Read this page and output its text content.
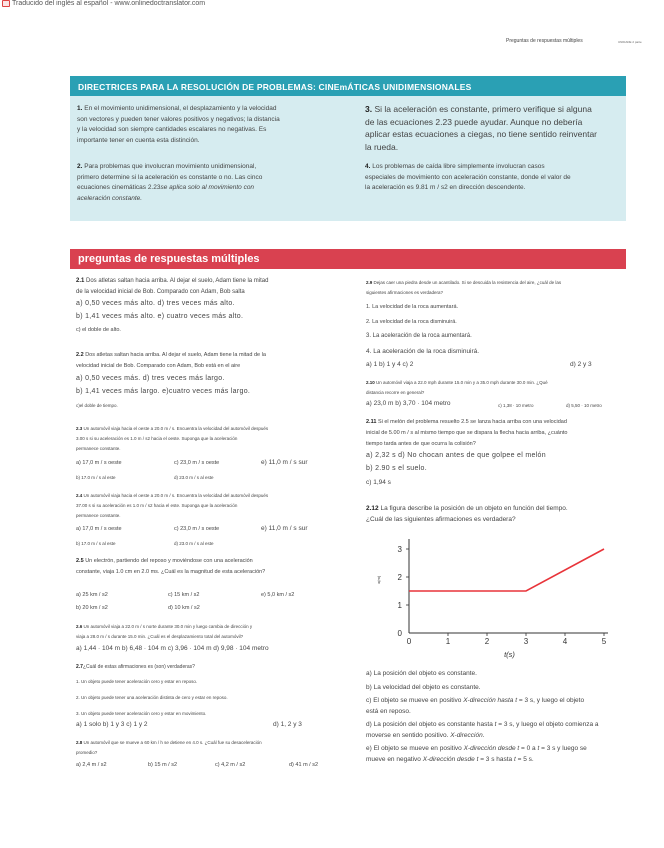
Traducido del inglés al español - www.onlinedoctranslator.com
Preguntas de respuestas múltiples	UNIDADE 2 parte
DIRECTRICES PARA LA RESOLUCIÓN DE PROBLEMAS: CINEmÁTICAS UNIDIMENSIONALES

1. En el movimiento unidimensional, el desplazamiento y la velocidad

son vectores y pueden tener valores positivos y negativos; la distancia

y la velocidad son siempre cantidades escalares no negativas. Es

importante tener en cuenta esta distinción.

2. Para problemas que involucran movimiento unidimensional,

primero determine si la aceleración es constante o no. Las cinco

ecuaciones cinemáticas 2.23se aplica solo al movimiento con

aceleración constante.

3. Si la aceleración es constante, primero verifique si alguna

de las ecuaciones 2.23 puede ayudar. Aunque no debería

aplicar estas ecuaciones a ciegas, no tiene sentido reinventar

la rueda.

4. Los problemas de caída libre simplemente involucran casos

especiales de movimiento con aceleración constante, donde el valor de

la aceleración es 9.81 m / s2 en dirección descendente.

preguntas de respuestas múltiples
2.1 Dos atletas saltan hacia arriba. Al dejar el suelo, Adam tiene la mitad
de la velocidad inicial de Bob. Comparado con Adam, Bob salta
a) 0,50 veces más alto. d) tres veces más alto.
b) 1,41 veces más alto. e) cuatro veces más alto.
c) el doble de alto.
2.2 Dos atletas saltan hacia arriba. Al dejar el suelo, Adam tiene la mitad de la
velocidad inicial de Bob. Comparado con Adam, Bob está en el aire
a) 0,50 veces más. d) tres veces más largo.
b) 1,41 veces más largo. e)cuatro veces más largo.
c)el doble de tiempo.
2.3 Un automóvil viaja hacia el oeste a 20.0 m / s. Encuentra la velocidad del automóvil después
3.00 s si su aceleración es 1.0 m / s2 hacia el oeste. Suponga que la aceleración
permanece constante.
a) 17,0 m / s oeste	c) 23,0 m / s oeste	e) 11,0 m / s sur
b) 17.0 m / s al este	d) 23.0 m / s al este
2.4 Un automóvil viaja hacia el oeste a 20.0 m / s. Encuentra la velocidad del automóvil después
37.00 s si su aceleración es 1.0 m / s2 hacia el este. Suponga que la aceleración
permanece constante.
a) 17,0 m / s oeste	c) 23,0 m / s oeste	e) 11,0 m / s sur
b) 17.0 m / s al este	d) 23.0 m / s al este
2.5 Un electrón, partiendo del reposo y moviéndose con una aceleración
constante, viaja 1.0 cm en 2.0 ms. ¿Cuál es la magnitud de esta aceleración?
a) 25 km / s2	c) 15 km / s2	e) 5,0 km / s2
b) 20 km / s2	d) 10 km / s2
2.6 Un automóvil viaja a 22.0 m / s norte durante 30.0 min y luego cambia de dirección y
viaja a 28.0 m / s durante 15.0 min. ¿Cuál es el desplazamiento total del automóvil?
a) 1,44 · 104 m b) 6,48 · 104 m c) 3,96 · 104 m d) 9,98 · 104 metro
2.7¿Cuál de estas afirmaciones es (son) verdaderas?
1. Un objeto puede tener aceleración cero y estar en reposo.
2. Un objeto puede tener una aceleración distinta de cero y estar en reposo.
3. Un objeto puede tener aceleración cero y estar en movimiento.
a) 1 solo b) 1 y 3 c) 1 y 2	d) 1, 2 y 3
2.8 Un automóvil que se mueve a 60 km / h se detiene en 4.0 s. ¿Cuál fue su desaceleración
promedio?
a) 2,4 m / s2	b) 15 m / s2	c) 4,2 m / s2	d) 41 m / s2
2.9 Dejas caer una piedra desde un acantilado. Si se descuida la resistencia del aire, ¿cuál de las
siguientes afirmaciones es verdadera?
1. La velocidad de la roca aumentará.
2. La velocidad de la roca disminuirá.
3. La aceleración de la roca aumentará.
4. La aceleración de la roca disminuirá.
a) 1 b) 1 y 4 c) 2	d) 2 y 3
2.10 Un automóvil viaja a 22.0 mph durante 15.0 min y a 35.0 mph durante 30.0 min. ¿Qué
distancia recorre en general?
a) 23,0 m b) 3,70 · 104 metro	c) 1,38 · 10 metro	d) 5,50 · 10 metro
2.11 Si el melón del problema resuelto 2.5 se lanza hacia arriba con una velocidad
inicial de 5.00 m / s al mismo tiempo que se dispara la flecha hacia arriba, ¿cuánto
tiempo tarda antes de que ocurra la colisión?
a) 2,32 s d) No chocan antes de que golpee el melón
b) 2.90 s el suelo.
c) 1,94 s
2.12 La figura describe la posición de un objeto en función del tiempo.
¿Cuál de las siguientes afirmaciones es verdadera?
0	1	2	3	4	5
0
1
2
3
t(s)
x(m)
a) La posición del objeto es constante.
b) La velocidad del objeto es constante.
c) El objeto se mueve en positivo X-dirección hasta t = 3 s, y luego el objeto
está en reposo.
d) La posición del objeto es constante hasta t = 3 s, y luego el objeto comienza a
moverse en sentido positivo. X-dirección.
e) El objeto se mueve en positivo X-dirección desde t = 0 a t = 3 s y luego se
mueve en negativo X-dirección desde t = 3 s hasta t = 5 s.
